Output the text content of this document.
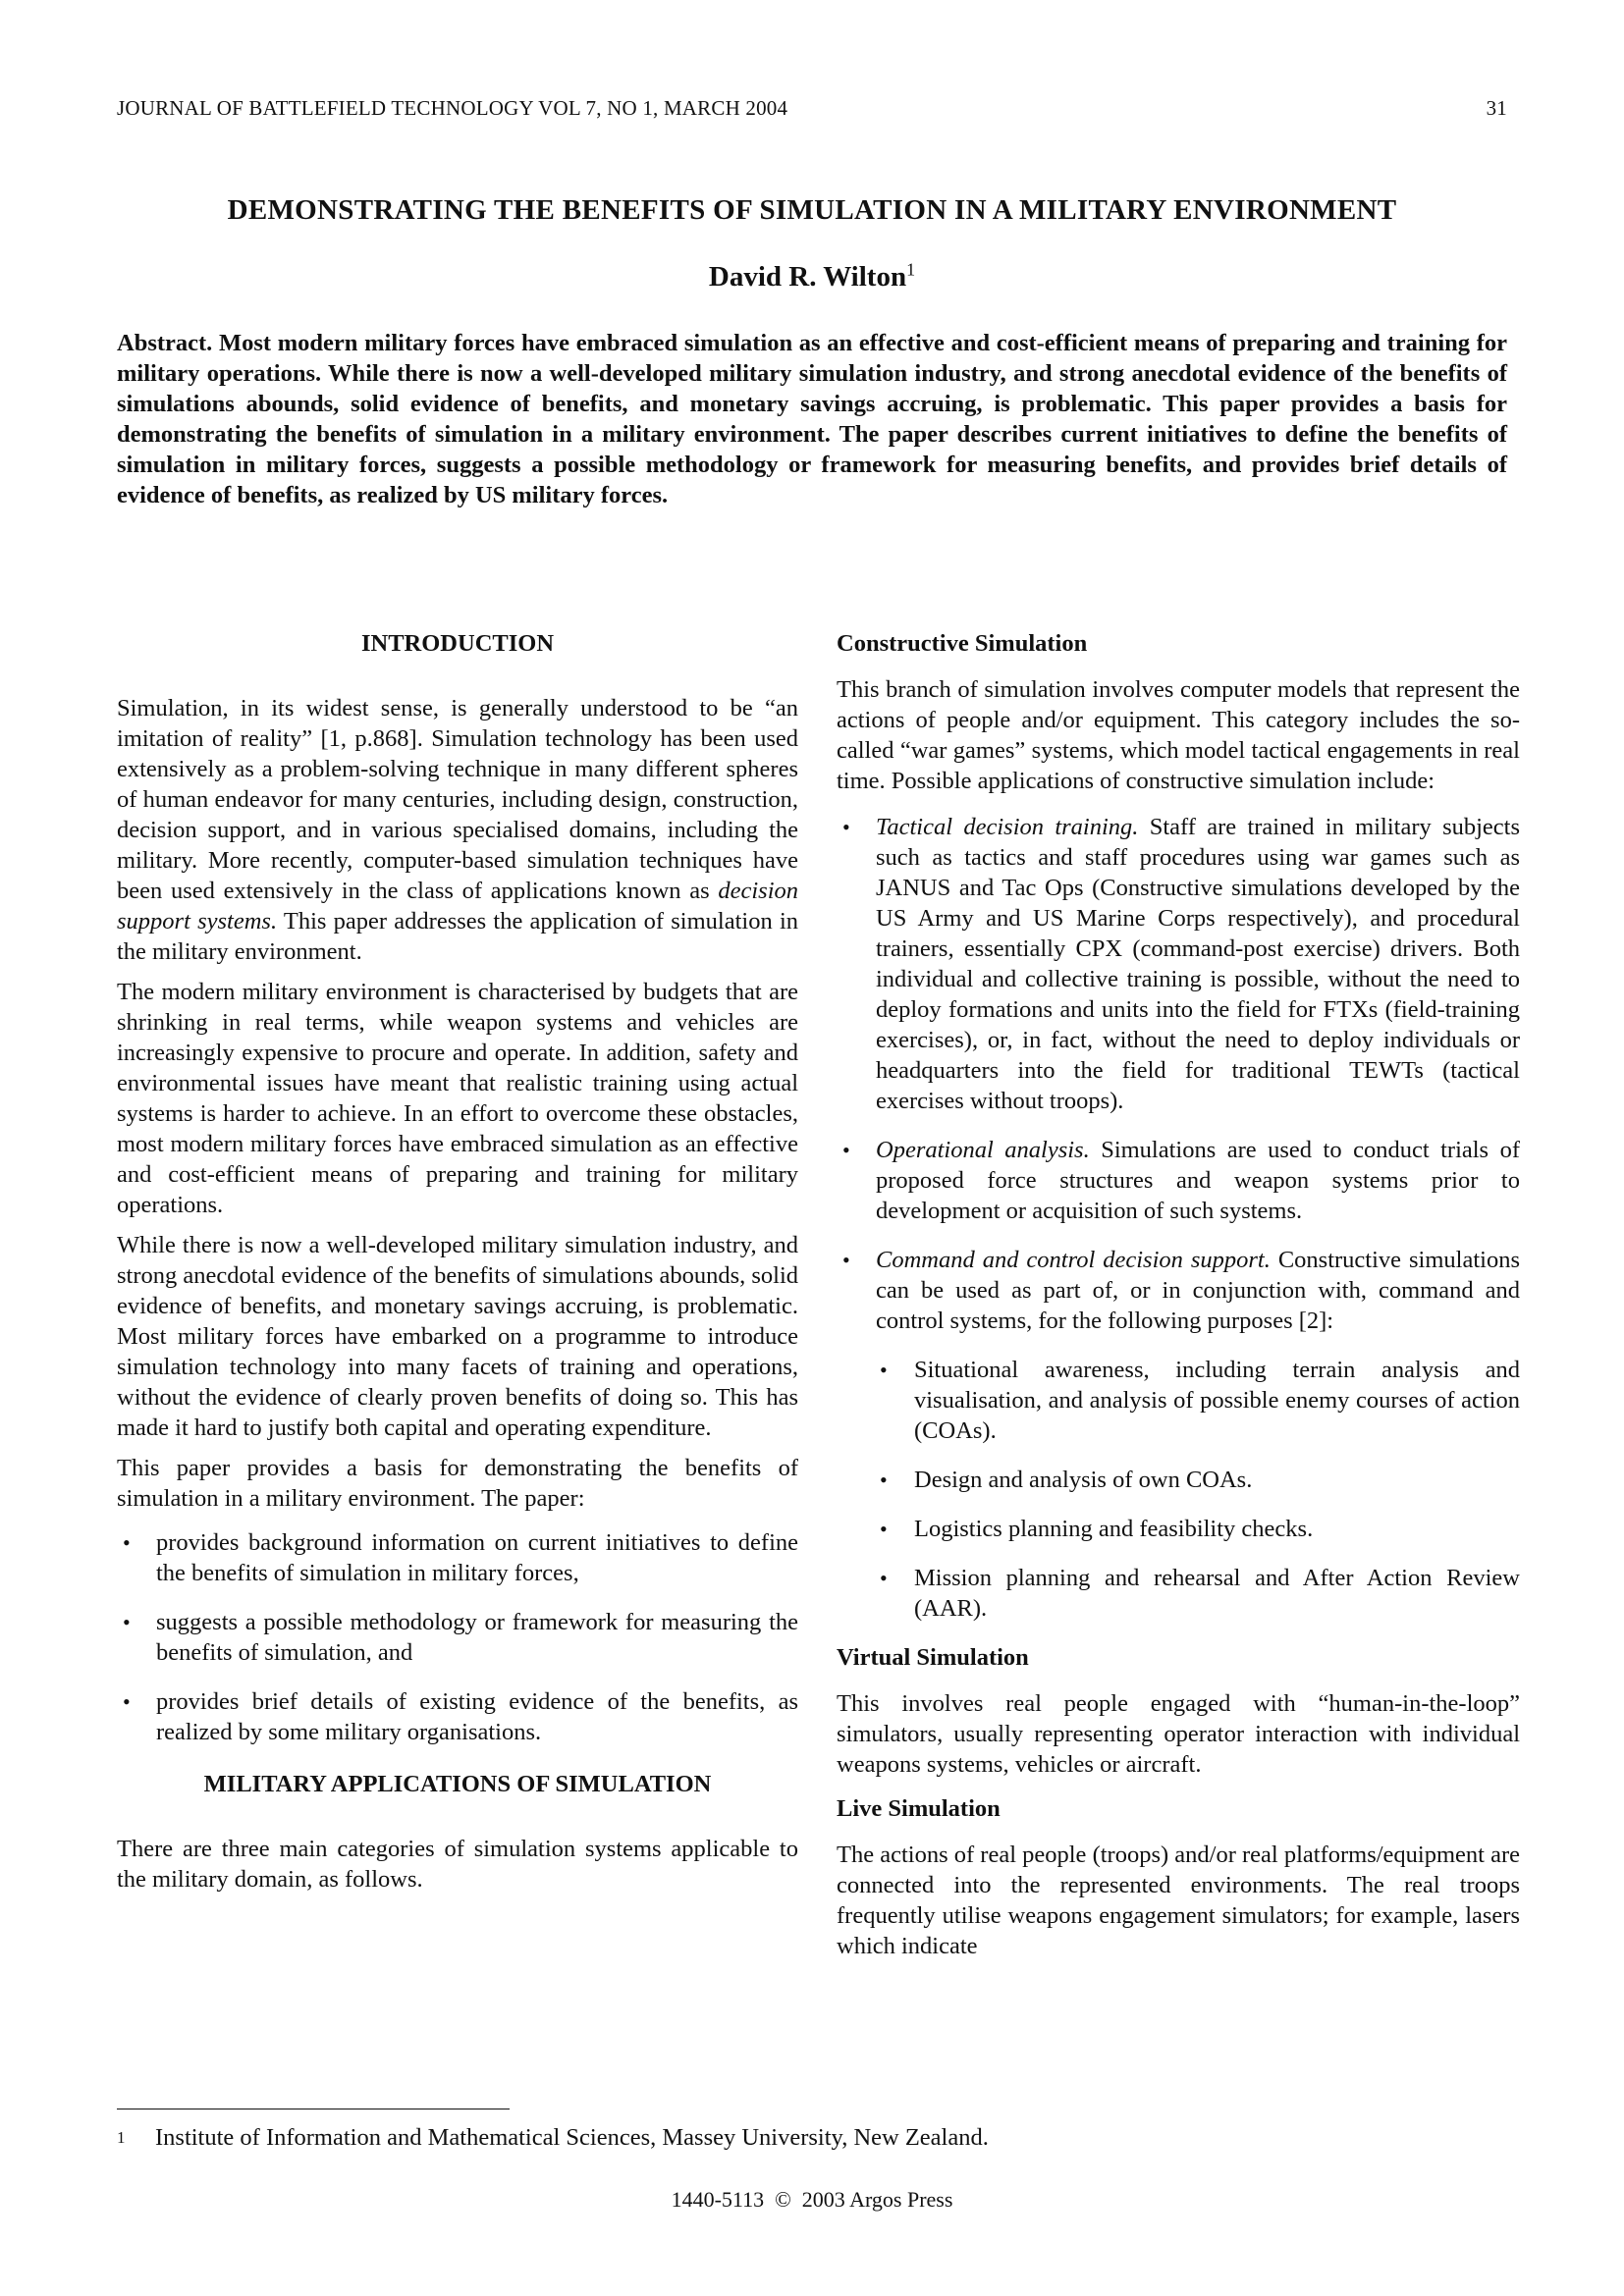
JOURNAL OF BATTLEFIELD TECHNOLOGY VOL 7, NO 1, MARCH 2004	31
DEMONSTRATING THE BENEFITS OF SIMULATION IN A MILITARY ENVIRONMENT
David R. Wilton$^1$
Abstract. Most modern military forces have embraced simulation as an effective and cost-efficient means of preparing and training for military operations. While there is now a well-developed military simulation industry, and strong anecdotal evidence of the benefits of simulations abounds, solid evidence of benefits, and monetary savings accruing, is problematic. This paper provides a basis for demonstrating the benefits of simulation in a military environment. The paper describes current initiatives to define the benefits of simulation in military forces, suggests a possible methodology or framework for measuring benefits, and provides brief details of evidence of benefits, as realized by US military forces.
INTRODUCTION

Simulation, in its widest sense, is generally understood to be “an imitation of reality” [1, p.868]. Simulation technology has been used extensively as a problem-solving technique in many different spheres of human endeavor for many centuries, including design, construction, decision support, and in various specialised domains, including the military. More recently, computer-based simulation techniques have been used extensively in the class of applications known as decision support systems. This paper addresses the application of simulation in the military environment.

The modern military environment is characterised by budgets that are shrinking in real terms, while weapon systems and vehicles are increasingly expensive to procure and operate. In addition, safety and environmental issues have meant that realistic training using actual systems is harder to achieve. In an effort to overcome these obstacles, most modern military forces have embraced simulation as an effective and cost-efficient means of preparing and training for military operations.

While there is now a well-developed military simulation industry, and strong anecdotal evidence of the benefits of simulations abounds, solid evidence of benefits, and monetary savings accruing, is problematic. Most military forces have embarked on a programme to introduce simulation technology into many facets of training and operations, without the evidence of clearly proven benefits of doing so. This has made it hard to justify both capital and operating expenditure.

This paper provides a basis for demonstrating the benefits of simulation in a military environment. The paper:

• provides background information on current initiatives to define the benefits of simulation in military forces,
• suggests a possible methodology or framework for measuring the benefits of simulation, and
• provides brief details of existing evidence of the benefits, as realized by some military organisations.
MILITARY APPLICATIONS OF SIMULATION

There are three main categories of simulation systems applicable to the military domain, as follows.

Constructive Simulation

This branch of simulation involves computer models that represent the actions of people and/or equipment. This category includes the so-called “war games” systems, which model tactical engagements in real time. Possible applications of constructive simulation include:

• Tactical decision training. Staff are trained in military subjects such as tactics and staff procedures using war games such as JANUS and Tac Ops (Constructive simulations developed by the US Army and US Marine Corps respectively), and procedural trainers, essentially CPX (command-post exercise) drivers. Both individual and collective training is possible, without the need to deploy formations and units into the field for FTXs (field-training exercises), or, in fact, without the need to deploy individuals or headquarters into the field for traditional TEWTs (tactical exercises without troops).
• Operational analysis. Simulations are used to conduct trials of proposed force structures and weapon systems prior to development or acquisition of such systems.
• Command and control decision support. Constructive simulations can be used as part of, or in conjunction with, command and control systems, for the following purposes [2]:
• Situational awareness, including terrain analysis and visualisation, and analysis of possible enemy courses of action (COAs).
• Design and analysis of own COAs.
• Logistics planning and feasibility checks.
• Mission planning and rehearsal and After Action Review (AAR).
Virtual Simulation

This involves real people engaged with “human-in-the-loop” simulators, usually representing operator interaction with individual weapons systems, vehicles or aircraft.

Live Simulation

The actions of real people (troops) and/or real platforms/equipment are connected into the represented environments. The real troops frequently utilise weapons engagement simulators; for example, lasers which indicate

1 Institute of Information and Mathematical Sciences, Massey University, New Zealand.
1440-5113 © 2003 Argos Press
